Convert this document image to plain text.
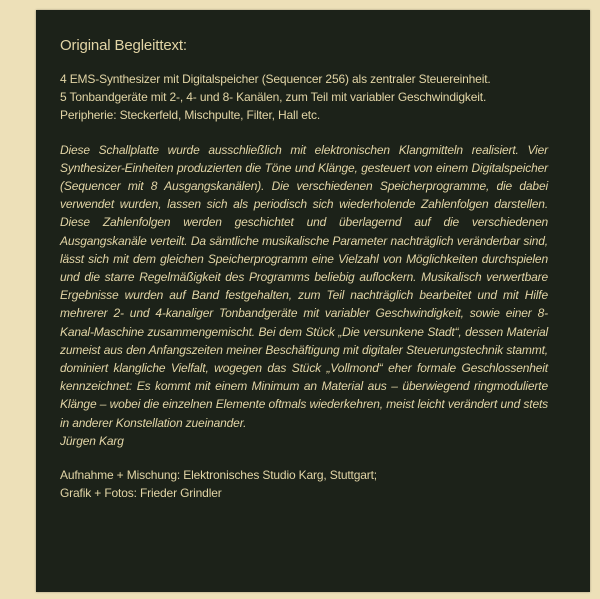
Original Begleittext:

4 EMS-Synthesizer mit Digitalspeicher (Sequencer 256) als zentraler Steuereinheit.

5 Tonbandgeräte mit 2-, 4- und 8- Kanälen, zum Teil mit variabler Geschwindigkeit.

Peripherie: Steckerfeld, Mischpulte, Filter, Hall etc.

Diese Schallplatte wurde ausschließlich mit elektronischen Klangmitteln realisiert. Vier Synthesizer-Einheiten produzierten die Töne und Klänge, gesteuert von einem Digitalspeicher (Sequencer mit 8 Ausgangskanälen). Die verschiedenen Speicherprogramme, die dabei verwendet wurden, lassen sich als periodisch sich wiederholende Zahlenfolgen darstellen. Diese Zahlenfolgen werden geschichtet und überlagernd auf die verschiedenen Ausgangskanäle verteilt. Da sämtliche musikalische Parameter nachträglich veränderbar sind, lässt sich mit dem gleichen Speicherprogramm eine Vielzahl von Möglichkeiten durchspielen und die starre Regelmäßigkeit des Programms beliebig auflockern. Musikalisch verwertbare Ergebnisse wurden auf Band festgehalten, zum Teil nachträglich bearbeitet und mit Hilfe mehrerer 2- und 4-kanaliger Tonbandgeräte mit variabler Geschwindigkeit, sowie einer 8-Kanal-Maschine zusammengemischt. Bei dem Stück „Die versunkene Stadt“, dessen Material zumeist aus den Anfangszeiten meiner Beschäftigung mit digitaler Steuerungstechnik stammt, dominiert klangliche Vielfalt, wogegen das Stück „Vollmond“ eher formale Geschlossenheit kennzeichnet: Es kommt mit einem Minimum an Material aus – überwiegend ringmodulierte Klänge – wobei die einzelnen Elemente oftmals wiederkehren, meist leicht verändert und stets in anderer Konstellation zueinander.

Jürgen Karg

Aufnahme + Mischung: Elektronisches Studio Karg, Stuttgart;

Grafik + Fotos: Frieder Grindler
